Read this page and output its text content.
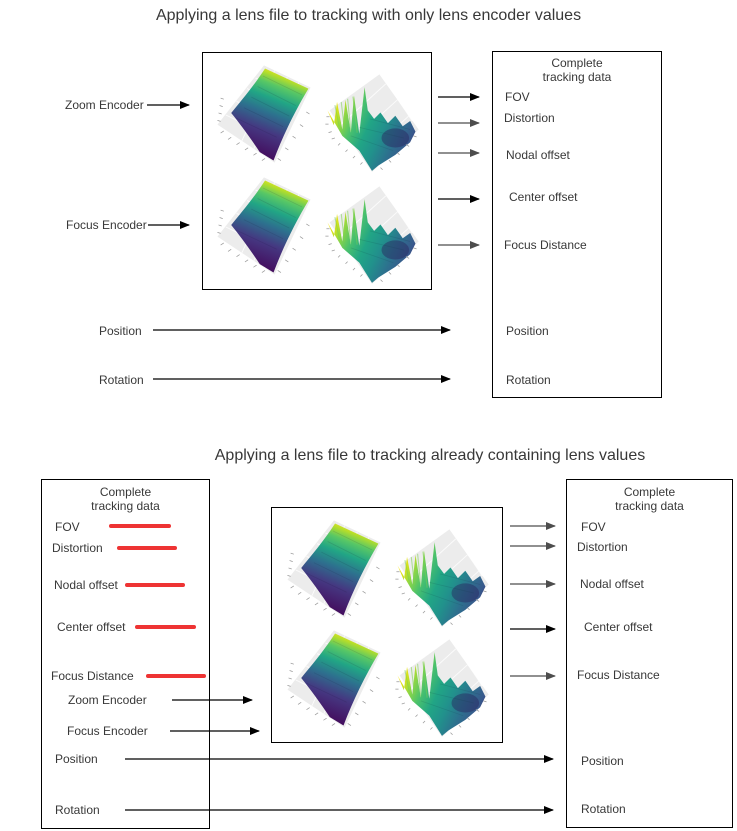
Applying a lens file to tracking with only lens encoder values
Zoom Encoder
Focus Encoder
Position
Rotation
Complete
tracking data
FOV
Distortion
Nodal offset
Center offset
Focus Distance
Position
Rotation
Applying a lens file to tracking already containing lens values
Complete
tracking data
FOV
Distortion
Nodal offset
Center offset
Focus Distance
Zoom Encoder
Focus Encoder
Position
Rotation
Complete
tracking data
FOV
Distortion
Nodal offset
Center offset
Focus Distance
Position
Rotation
